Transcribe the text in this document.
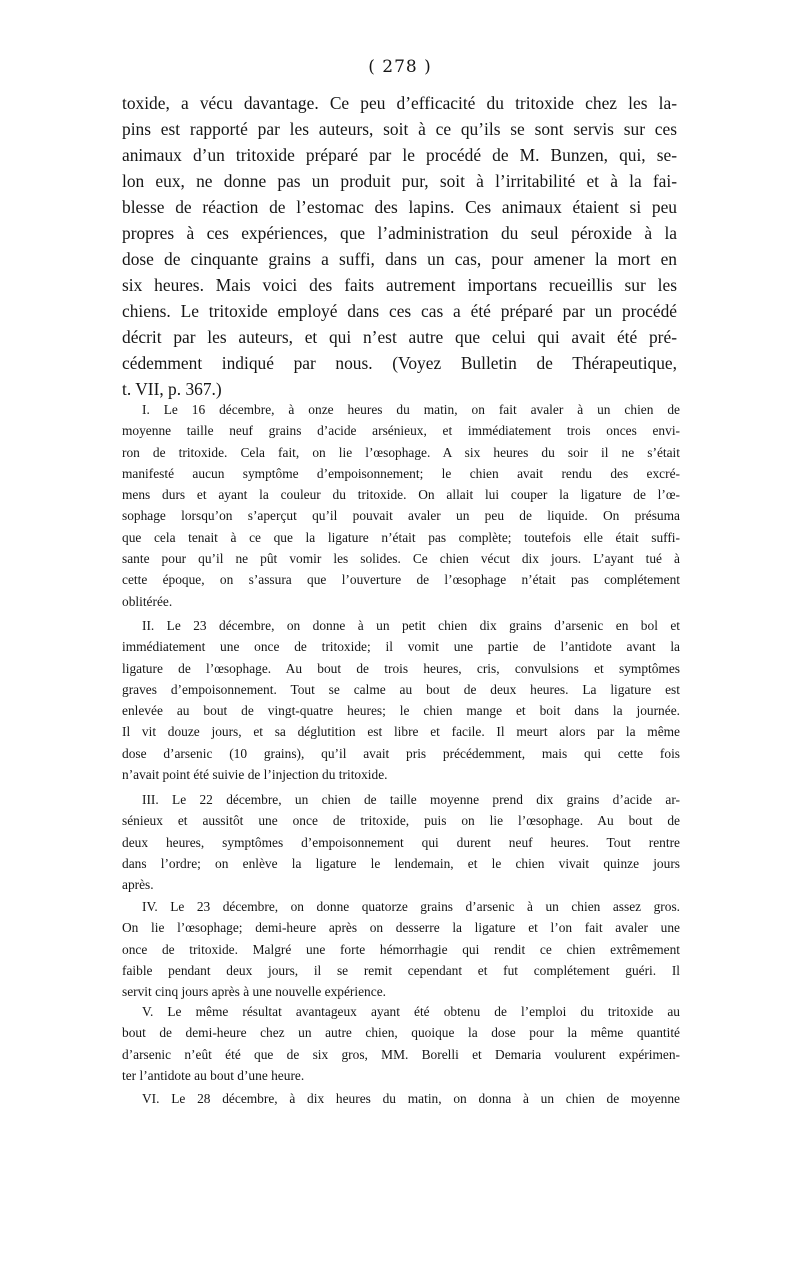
( 278 )
toxide, a vécu davantage. Ce peu d’efficacité du tritoxide chez les la-
pins est rapporté par les auteurs, soit à ce qu’ils se sont servis sur ces
animaux d’un tritoxide préparé par le procédé de M. Bunzen, qui, se-
lon eux, ne donne pas un produit pur, soit à l’irritabilité et à la fai-
blesse de réaction de l’estomac des lapins. Ces animaux étaient si peu
propres à ces expériences, que l’administration du seul péroxide à la
dose de cinquante grains a suffi, dans un cas, pour amener la mort en
six heures. Mais voici des faits autrement importans recueillis sur les
chiens. Le tritoxide employé dans ces cas a été préparé par un procédé
décrit par les auteurs, et qui n’est autre que celui qui avait été pré-
cédemment indiqué par nous. (Voyez Bulletin de Thérapeutique,
t. VII, p. 367.)
I. Le 16 décembre, à onze heures du matin, on fait avaler à un chien de
moyenne taille neuf grains d’acide arsénieux, et immédiatement trois onces envi-
ron de tritoxide. Cela fait, on lie l’œsophage. A six heures du soir il ne s’était
manifesté aucun symptôme d’empoisonnement; le chien avait rendu des excré-
mens durs et ayant la couleur du tritoxide. On allait lui couper la ligature de l’œ-
sophage lorsqu’on s’aperçut qu’il pouvait avaler un peu de liquide. On présuma
que cela tenait à ce que la ligature n’était pas complète; toutefois elle était suffi-
sante pour qu’il ne pût vomir les solides. Ce chien vécut dix jours. L’ayant tué à
cette époque, on s’assura que l’ouverture de l’œsophage n’était pas complétement
oblitérée.
II. Le 23 décembre, on donne à un petit chien dix grains d’arsenic en bol et
immédiatement une once de tritoxide; il vomit une partie de l’antidote avant la
ligature de l’œsophage. Au bout de trois heures, cris, convulsions et symptômes
graves d’empoisonnement. Tout se calme au bout de deux heures. La ligature est
enlevée au bout de vingt-quatre heures; le chien mange et boit dans la journée.
Il vit douze jours, et sa déglutition est libre et facile. Il meurt alors par la même
dose d’arsenic (10 grains), qu’il avait pris précédemment, mais qui cette fois
n’avait point été suivie de l’injection du tritoxide.
III. Le 22 décembre, un chien de taille moyenne prend dix grains d’acide ar-
sénieux et aussitôt une once de tritoxide, puis on lie l’œsophage. Au bout de
deux heures, symptômes d’empoisonnement qui durent neuf heures. Tout rentre
dans l’ordre; on enlève la ligature le lendemain, et le chien vivait quinze jours
après.
IV. Le 23 décembre, on donne quatorze grains d’arsenic à un chien assez gros.
On lie l’œsophage; demi-heure après on desserre la ligature et l’on fait avaler une
once de tritoxide. Malgré une forte hémorrhagie qui rendit ce chien extrêmement
faible pendant deux jours, il se remit cependant et fut complétement guéri. Il
servit cinq jours après à une nouvelle expérience.
V. Le même résultat avantageux ayant été obtenu de l’emploi du tritoxide au
bout de demi-heure chez un autre chien, quoique la dose pour la même quantité
d’arsenic n’eût été que de six gros, MM. Borelli et Demaria voulurent expérimen-
ter l’antidote au bout d’une heure.
VI. Le 28 décembre, à dix heures du matin, on donna à un chien de moyenne
